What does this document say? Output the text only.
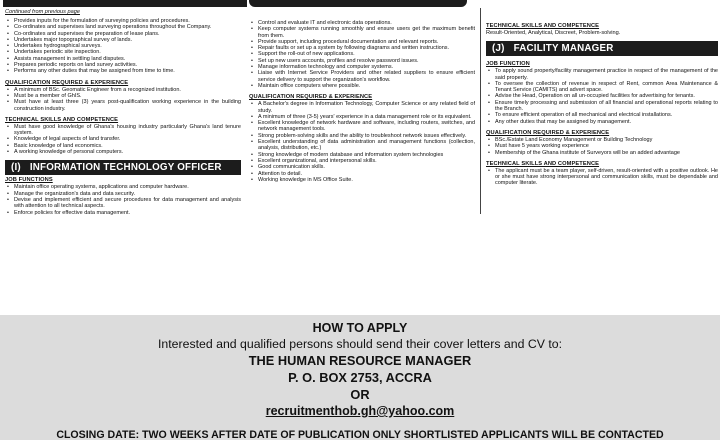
Continued from previous page
• Provides inputs for the formulation of surveying policies and procedures.
• Co-ordinates and supervises land surveying operations throughout the Company.
• Co-ordinates and supervises the preparation of lease plans.
• Undertakes major topographical survey of lands.
• Undertakes hydrographical surveys.
• Undertakes periodic site inspection.
• Assists management in settling land disputes.
• Prepares periodic reports on land survey activities.
• Performs any other duties that may be assigned from time to time.
QUALIFICATION REQUIRED & EXPERIENCE
• A minimum of BSc. Geomatic Engineer from a recognized institution.
• Must be a member of GhIS.
• Must have at least three (3) years post-qualification working experience in the building construction industry.
TECHNICAL SKILLS AND COMPETENCE
• Must have good knowledge of Ghana's housing industry particularly Ghana's land tenure system.
• Knowledge of legal aspects of land transfer.
• Basic knowledge of land economics.
• A working knowledge of personal computers.
(I) INFORMATION TECHNOLOGY OFFICER
JOB FUNCTIONS
• Maintain office operating systems, applications and computer hardware.
• Manage the organization's data and data security.
• Devise and implement efficient and secure procedures for data management and analysis with attention to all technical aspects.
• Enforce policies for effective data management.
• Control and evaluate IT and electronic data operations.
• Keep computer systems running smoothly and ensure users get the maximum benefit from them.
• Provide support, including procedural documentation and relevant reports.
• Repair faults or set up a system by following diagrams and written instructions.
• Support the roll-out of new applications.
• Set up new users accounts, profiles and resolve password issues.
• Manage information technology and computer systems.
• Liaise with Internet Service Providers and other related suppliers to ensure efficient service delivery to support the organization's workflow.
• Maintain office computers where possible.
QUALIFICATION REQUIRED & EXPERIENCE
• A Bachelor's degree in Information Technology, Computer Science or any related field of study.
• A minimum of three (3-5) years' experience in a data management role or its equivalent.
• Excellent knowledge of network hardware and software, including routers, switches, and network management tools.
• Strong problem-solving skills and the ability to troubleshoot network issues effectively.
• Excellent understanding of data administration and management functions (collection, analysis, distribution, etc.)
• Strong knowledge of modern database and information system technologies
• Excellent organizational, and interpersonal skills.
• Good communication skills.
• Attention to detail.
• Working knowledge in MS Office Suite.
TECHNICAL SKILLS AND COMPETENCE
Result-Oriented, Analytical, Discreet, Problem-solving.
(J) FACILITY MANAGER
JOB FUNCTION
• To apply sound property/facility management practice in respect of the management of the said property.
• To oversee the collection of revenue in respect of Rent, common Area Maintenance & Tenant Service (CAMITS) and advert space.
• Advise the Head, Operation on all un-occupied facilities for advertising for tenants.
• Ensure timely processing and submission of all financial and operational reports relating to the Branch.
• To ensure efficient operation of all mechanical and electrical installations.
• Any other duties that may be assigned by management.
QUALIFICATION REQUIRED & EXPERIENCE
• BSc./Estate Land Economy Management or Building Technology
• Must have 5 years working experience
• Membership of the Ghana institute of Surveyors will be an added advantage
TECHNICAL SKILLS AND COMPETENCE
• The applicant must be a team player, self-driven, result-oriented with a positive outlook. He or she must have strong interpersonal and communication skills, must be dependable and computer literate.
HOW TO APPLY
Interested and qualified persons should send their cover letters and CV to:
THE HUMAN RESOURCE MANAGER
P. O. BOX 2753, ACCRA
OR
recruitmenthob.gh@yahoo.com
CLOSING DATE: TWO WEEKS AFTER DATE OF PUBLICATION ONLY SHORTLISTED APPLICANTS WILL BE CONTACTED
